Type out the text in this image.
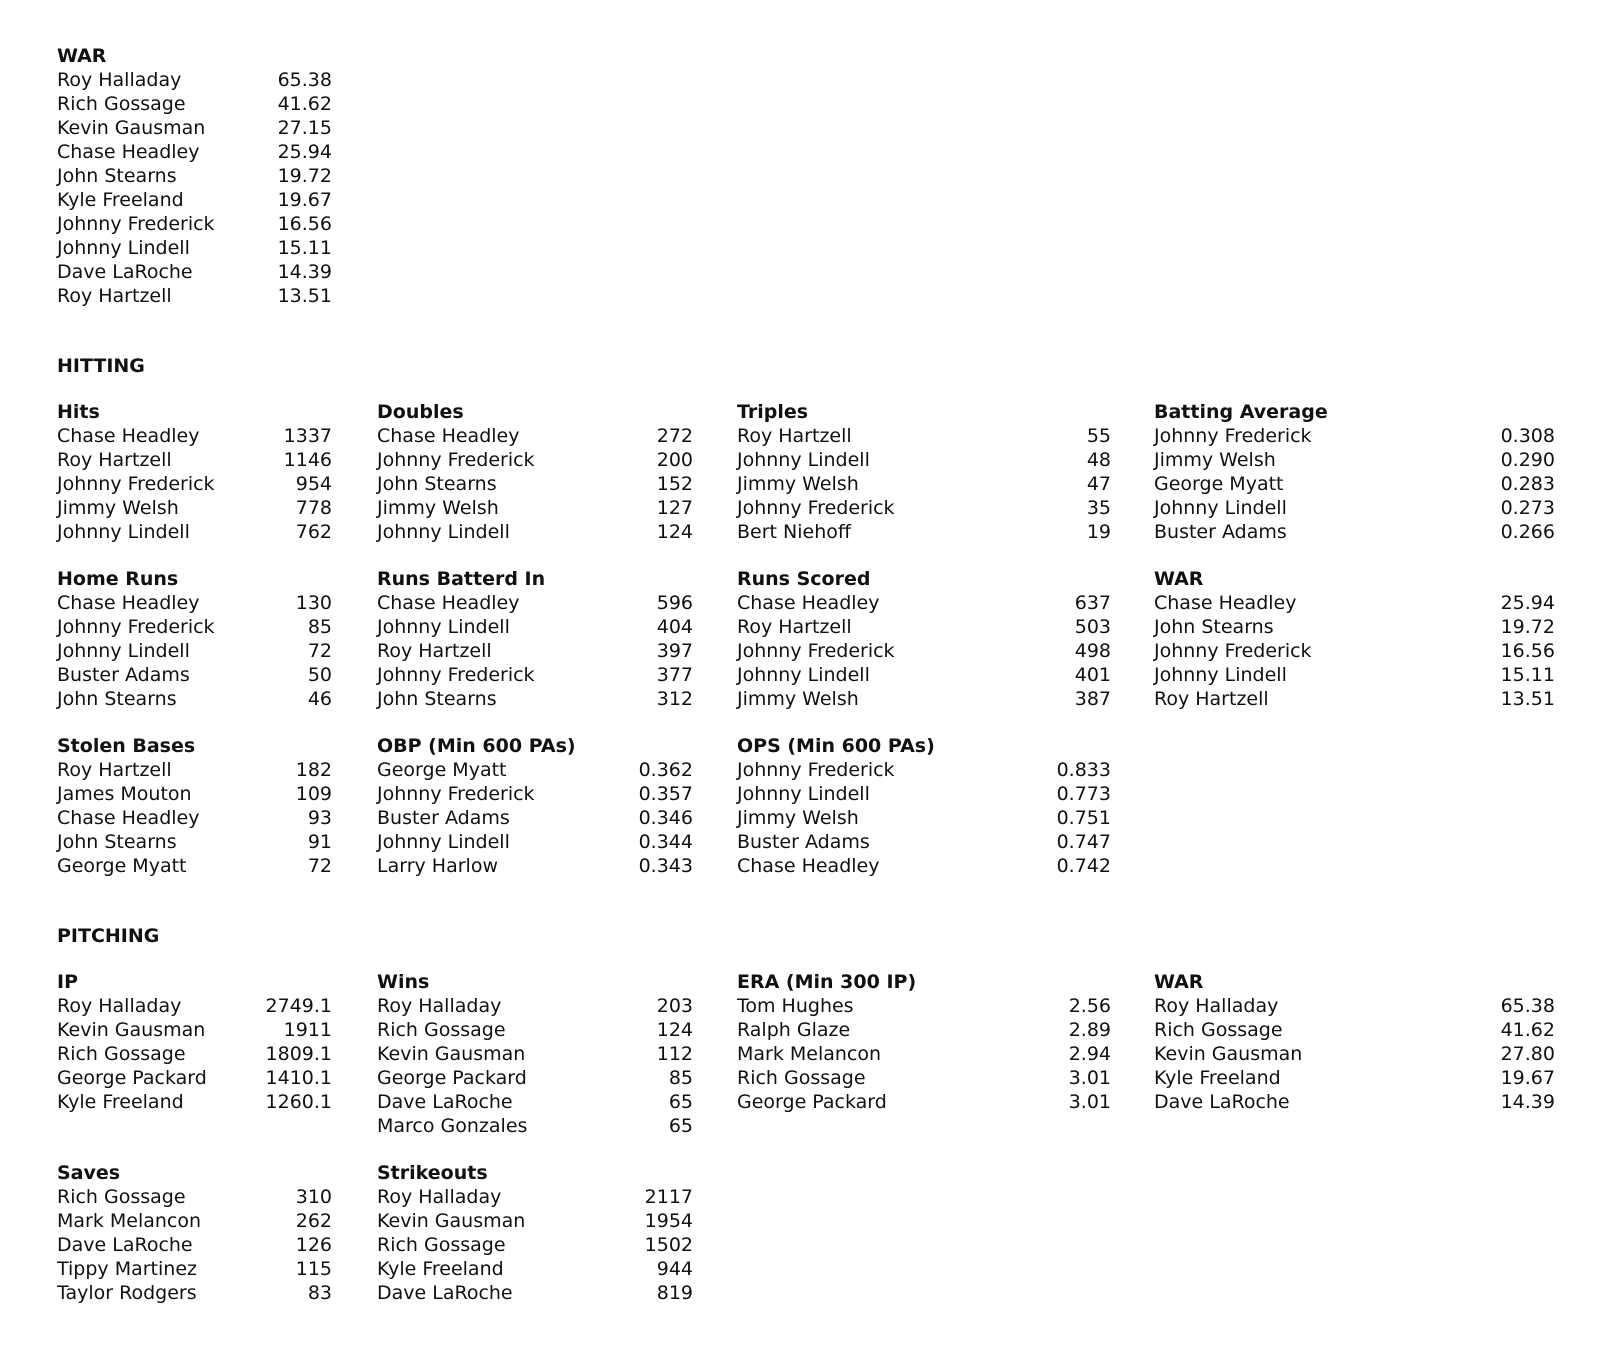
HITTING
PITCHING
WAR
Roy Halladay	65.38
Rich Gossage	41.62
Kevin Gausman	27.15
Chase Headley	25.94
John Stearns	19.72
Kyle Freeland	19.67
Johnny Frederick	16.56
Johnny Lindell	15.11
Dave LaRoche	14.39
Roy Hartzell	13.51
Hits
Chase Headley	1337
Roy Hartzell	1146
Johnny Frederick	954
Jimmy Welsh	778
Johnny Lindell	762
Doubles
Chase Headley	272
Johnny Frederick	200
John Stearns	152
Jimmy Welsh	127
Johnny Lindell	124
Triples
Roy Hartzell	55
Johnny Lindell	48
Jimmy Welsh	47
Johnny Frederick	35
Bert Niehoff	19
Batting Average
Johnny Frederick	0.308
Jimmy Welsh	0.290
George Myatt	0.283
Johnny Lindell	0.273
Buster Adams	0.266
Home Runs
Chase Headley	130
Johnny Frederick	85
Johnny Lindell	72
Buster Adams	50
John Stearns	46
Runs Batterd In
Chase Headley	596
Johnny Lindell	404
Roy Hartzell	397
Johnny Frederick	377
John Stearns	312
Runs Scored
Chase Headley	637
Roy Hartzell	503
Johnny Frederick	498
Johnny Lindell	401
Jimmy Welsh	387
WAR
Chase Headley	25.94
John Stearns	19.72
Johnny Frederick	16.56
Johnny Lindell	15.11
Roy Hartzell	13.51
Stolen Bases
Roy Hartzell	182
James Mouton	109
Chase Headley	93
John Stearns	91
George Myatt	72
OBP (Min 600 PAs)
George Myatt	0.362
Johnny Frederick	0.357
Buster Adams	0.346
Johnny Lindell	0.344
Larry Harlow	0.343
OPS (Min 600 PAs)
Johnny Frederick	0.833
Johnny Lindell	0.773
Jimmy Welsh	0.751
Buster Adams	0.747
Chase Headley	0.742
IP
Roy Halladay	2749.1
Kevin Gausman	1911
Rich Gossage	1809.1
George Packard	1410.1
Kyle Freeland	1260.1
Wins
Roy Halladay	203
Rich Gossage	124
Kevin Gausman	112
George Packard	85
Dave LaRoche	65
Marco Gonzales	65
ERA (Min 300 IP)
Tom Hughes	2.56
Ralph Glaze	2.89
Mark Melancon	2.94
Rich Gossage	3.01
George Packard	3.01
WAR
Roy Halladay	65.38
Rich Gossage	41.62
Kevin Gausman	27.80
Kyle Freeland	19.67
Dave LaRoche	14.39
Saves
Rich Gossage	310
Mark Melancon	262
Dave LaRoche	126
Tippy Martinez	115
Taylor Rodgers	83
Strikeouts
Roy Halladay	2117
Kevin Gausman	1954
Rich Gossage	1502
Kyle Freeland	944
Dave LaRoche	819
